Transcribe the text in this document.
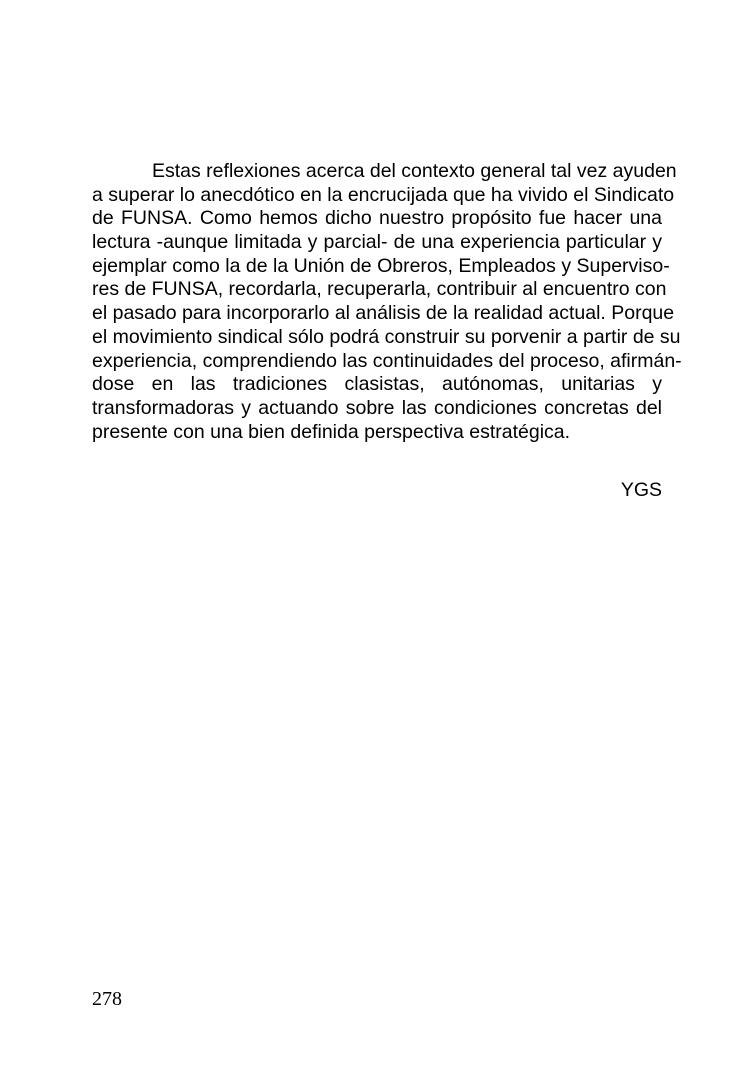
Estas reflexiones acerca del contexto general tal vez ayuden
a superar lo anecdótico en la encrucijada que ha vivido el Sindicato
de FUNSA. Como hemos dicho nuestro propósito fue hacer una
lectura -aunque limitada y parcial- de una experiencia particular y
ejemplar como la de la Unión de Obreros, Empleados y Superviso-
res de FUNSA, recordarla, recuperarla, contribuir al encuentro con
el pasado para incorporarlo al análisis de la realidad actual. Porque
el movimiento sindical sólo podrá construir su porvenir a partir de su
experiencia, comprendiendo las continuidades del proceso, afirmán-
dose en las tradiciones clasistas, autónomas, unitarias y
transformadoras y actuando sobre las condiciones concretas del
presente con una bien definida perspectiva estratégica.
YGS
278
